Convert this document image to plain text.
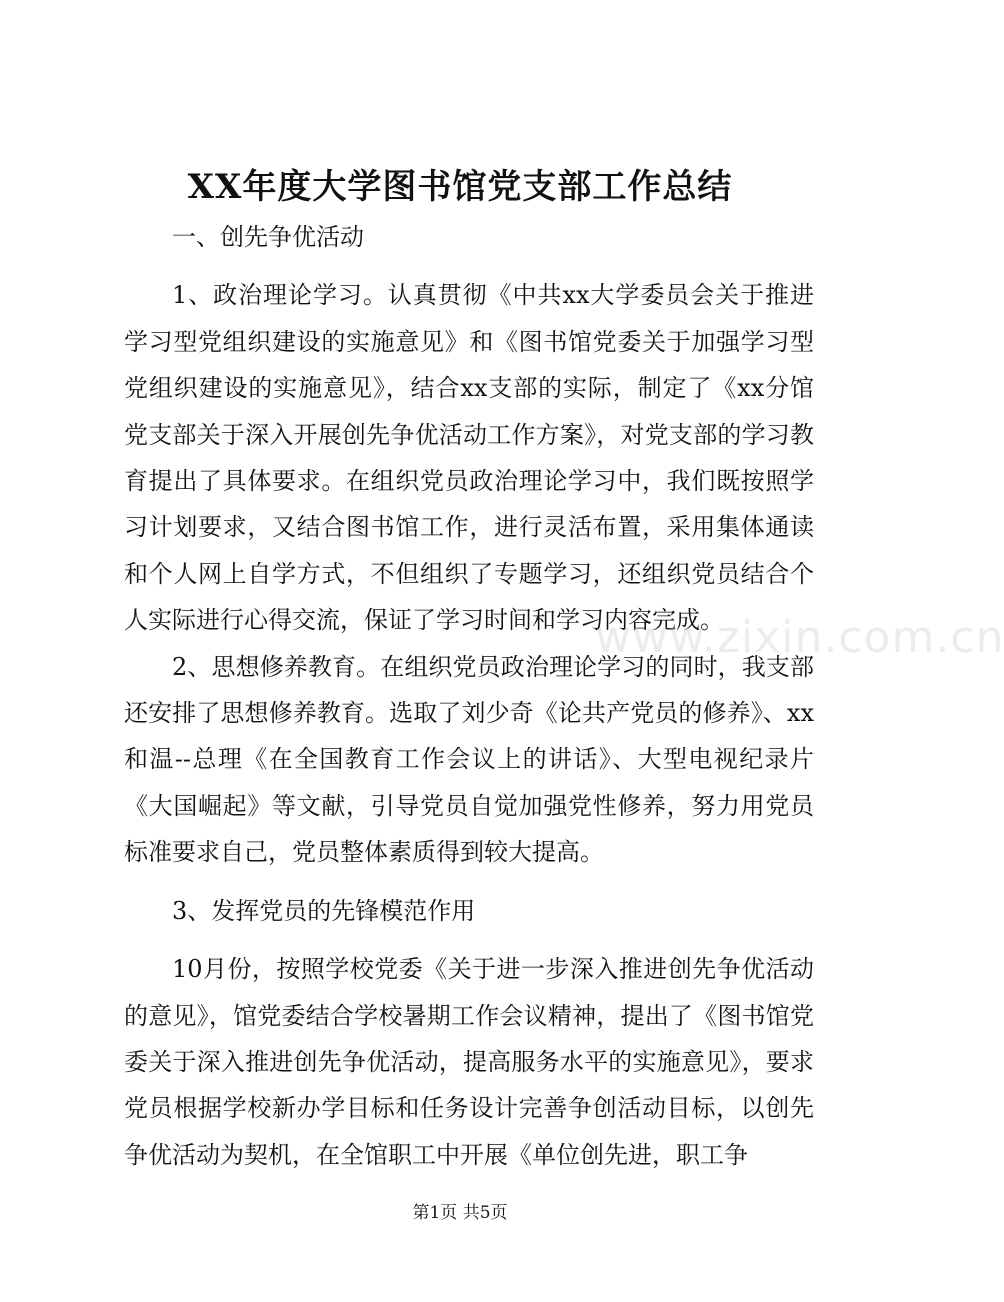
XX年度大学图书馆党支部工作总结

一、创先争优活动

1、政治理论学习。认真贯彻《中共xx大学委员会关于推进学习型党组织建设的实施意见》和《图书馆党委关于加强学习型党组织建设的实施意见》，结合xx支部的实际，制定了《xx分馆党支部关于深入开展创先争优活动工作方案》，对党支部的学习教育提出了具体要求。在组织党员政治理论学习中，我们既按照学习计划要求，又结合图书馆工作，进行灵活布置，采用集体通读和个人网上自学方式，不但组织了专题学习，还组织党员结合个人实际进行心得交流，保证了学习时间和学习内容完成。

2、思想修养教育。在组织党员政治理论学习的同时，我支部还安排了思想修养教育。选取了刘少奇《论共产党员的修养》、xx和温--总理《在全国教育工作会议上的讲话》、大型电视纪录片《大国崛起》等文献，引导党员自觉加强党性修养，努力用党员标准要求自己，党员整体素质得到较大提高。

3、发挥党员的先锋模范作用

10月份，按照学校党委《关于进一步深入推进创先争优活动的意见》，馆党委结合学校暑期工作会议精神，提出了《图书馆党委关于深入推进创先争优活动，提高服务水平的实施意见》，要求党员根据学校新办学目标和任务设计完善争创活动目标，以创先争优活动为契机，在全馆职工中开展《单位创先进，职工争

www.zixin.com.cn
第1页 共5页
